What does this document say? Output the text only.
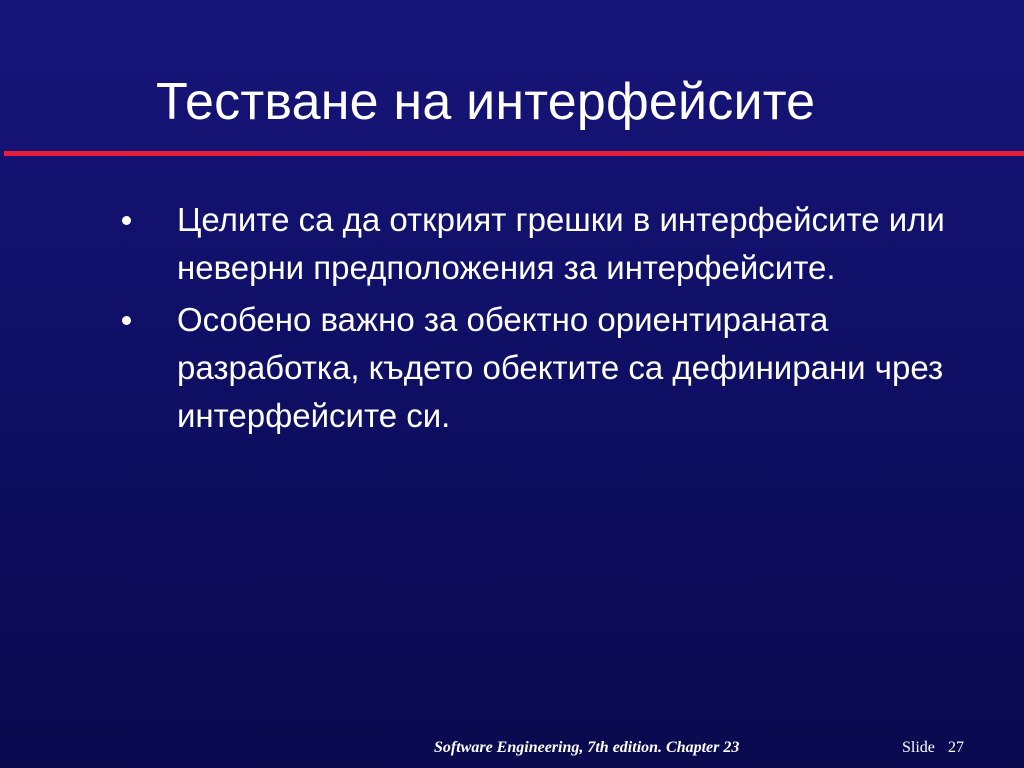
Тестване на интерфейсите
Целите са да открият грешки в интерфейсите или неверни предположения за интерфейсите.
Особено важно за обектно ориентираната разработка, където обектите са дефинирани чрез интерфейсите си.
Software Engineering, 7th edition. Chapter 23	Slide 27
